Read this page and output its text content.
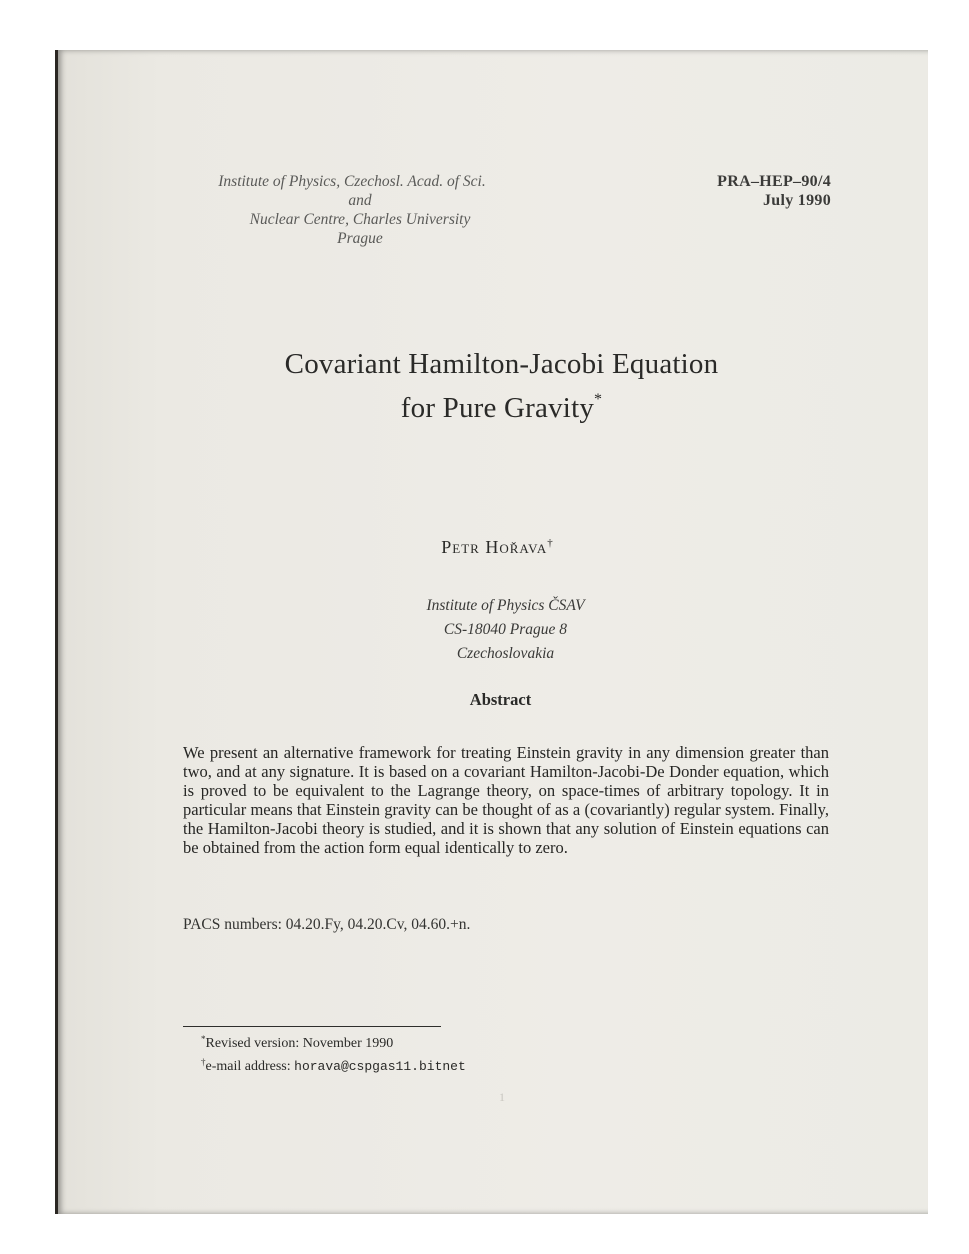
Institute of Physics, Czechosl. Acad. of Sci.
and
Nuclear Centre, Charles University
Prague
PRA–HEP–90/4
July 1990
Covariant Hamilton-Jacobi Equation
for Pure Gravity*
Petr Hořava†
Institute of Physics ČSAV
CS-18040 Prague 8
Czechoslovakia
Abstract
We present an alternative framework for treating Einstein gravity in any dimension greater than two, and at any signature. It is based on a covariant Hamilton-Jacobi-De Donder equation, which is proved to be equivalent to the Lagrange theory, on space-times of arbitrary topology. It in particular means that Einstein gravity can be thought of as a (covariantly) regular system. Finally, the Hamilton-Jacobi theory is studied, and it is shown that any solution of Einstein equations can be obtained from the action form equal identically to zero.
PACS numbers: 04.20.Fy, 04.20.Cv, 04.60.+n.
*Revised version: November 1990
†e-mail address: horava@cspgas11.bitnet
1
